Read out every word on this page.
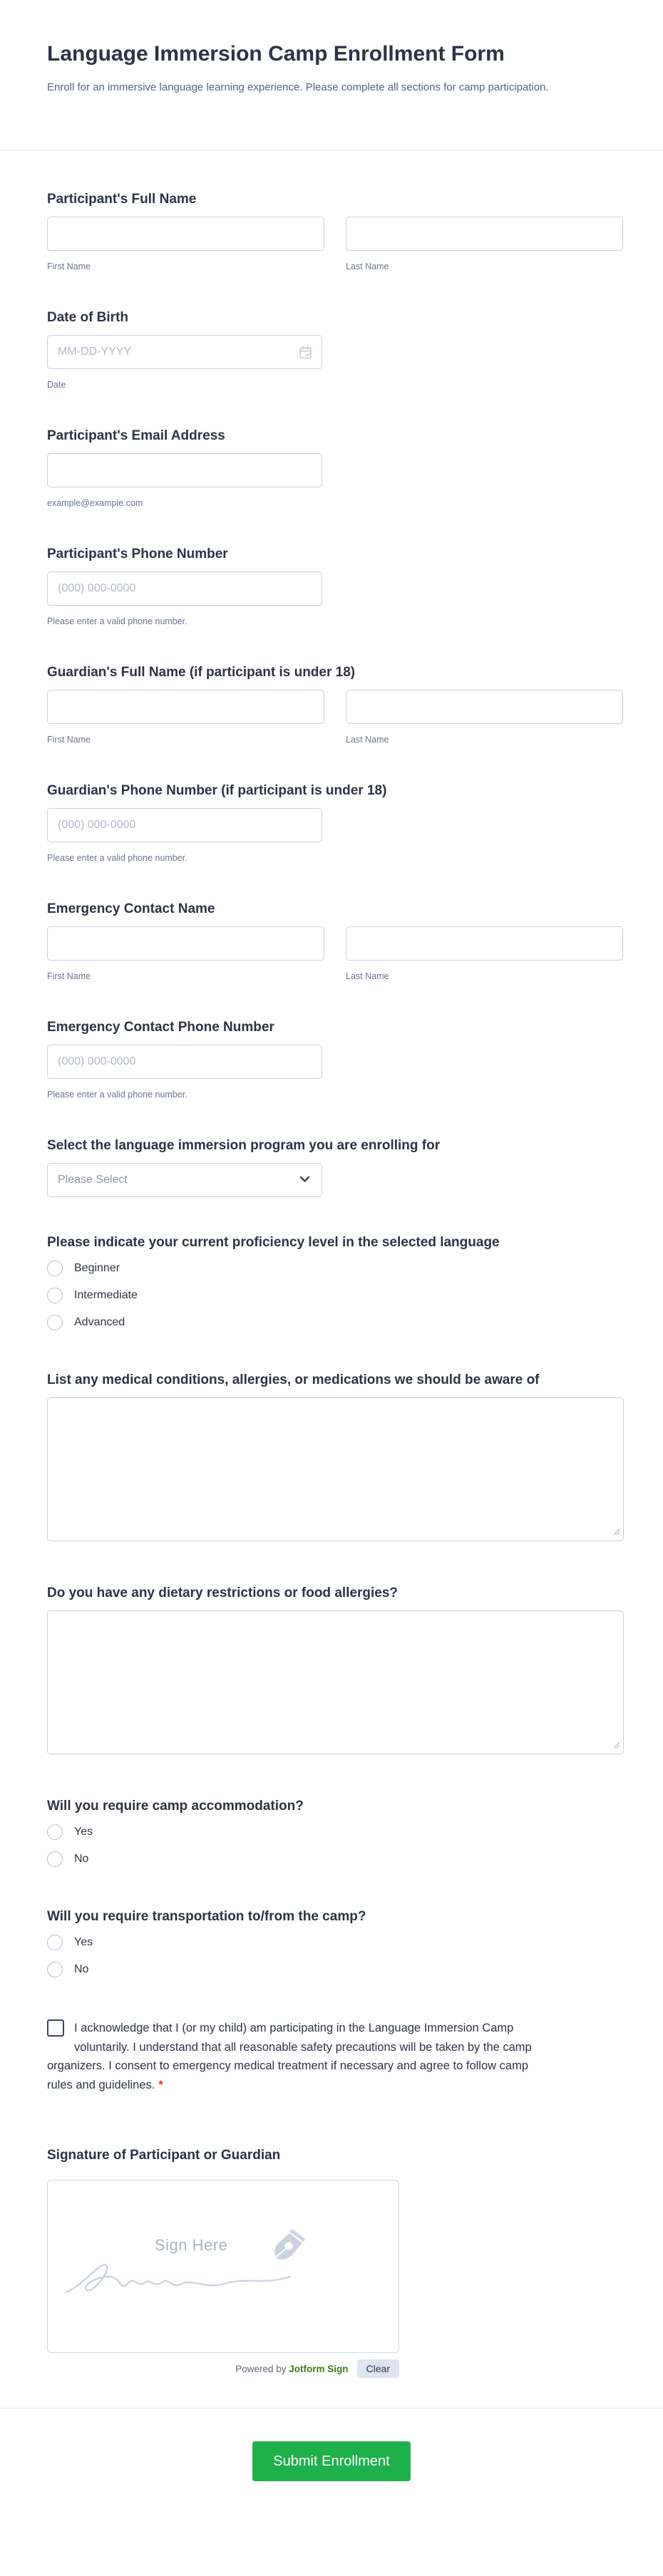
Language Immersion Camp Enrollment Form

Enroll for an immersive language learning experience. Please complete all sections for camp participation.

Participant's Full Name
First Name	Last Name
Date of Birth
MM-DD-YYYY
Date
Participant's Email Address
example@example.com
Participant's Phone Number
(000) 000-0000
Please enter a valid phone number.
Guardian's Full Name (if participant is under 18)
First Name	Last Name
Guardian's Phone Number (if participant is under 18)
(000) 000-0000
Please enter a valid phone number.
Emergency Contact Name
First Name	Last Name
Emergency Contact Phone Number
(000) 000-0000
Please enter a valid phone number.
Select the language immersion program you are enrolling for
Please Select
Please indicate your current proficiency level in the selected language
Beginner
Intermediate
Advanced
List any medical conditions, allergies, or medications we should be aware of
Do you have any dietary restrictions or food allergies?
Will you require camp accommodation?
Yes
No
Will you require transportation to/from the camp?
Yes
No
I acknowledge that I (or my child) am participating in the Language Immersion Camp voluntarily. I understand that all reasonable safety precautions will be taken by the camp organizers. I consent to emergency medical treatment if necessary and agree to follow camp rules and guidelines. *
Signature of Participant or Guardian
Sign Here
Powered by Jotform Sign	Clear
Submit Enrollment
